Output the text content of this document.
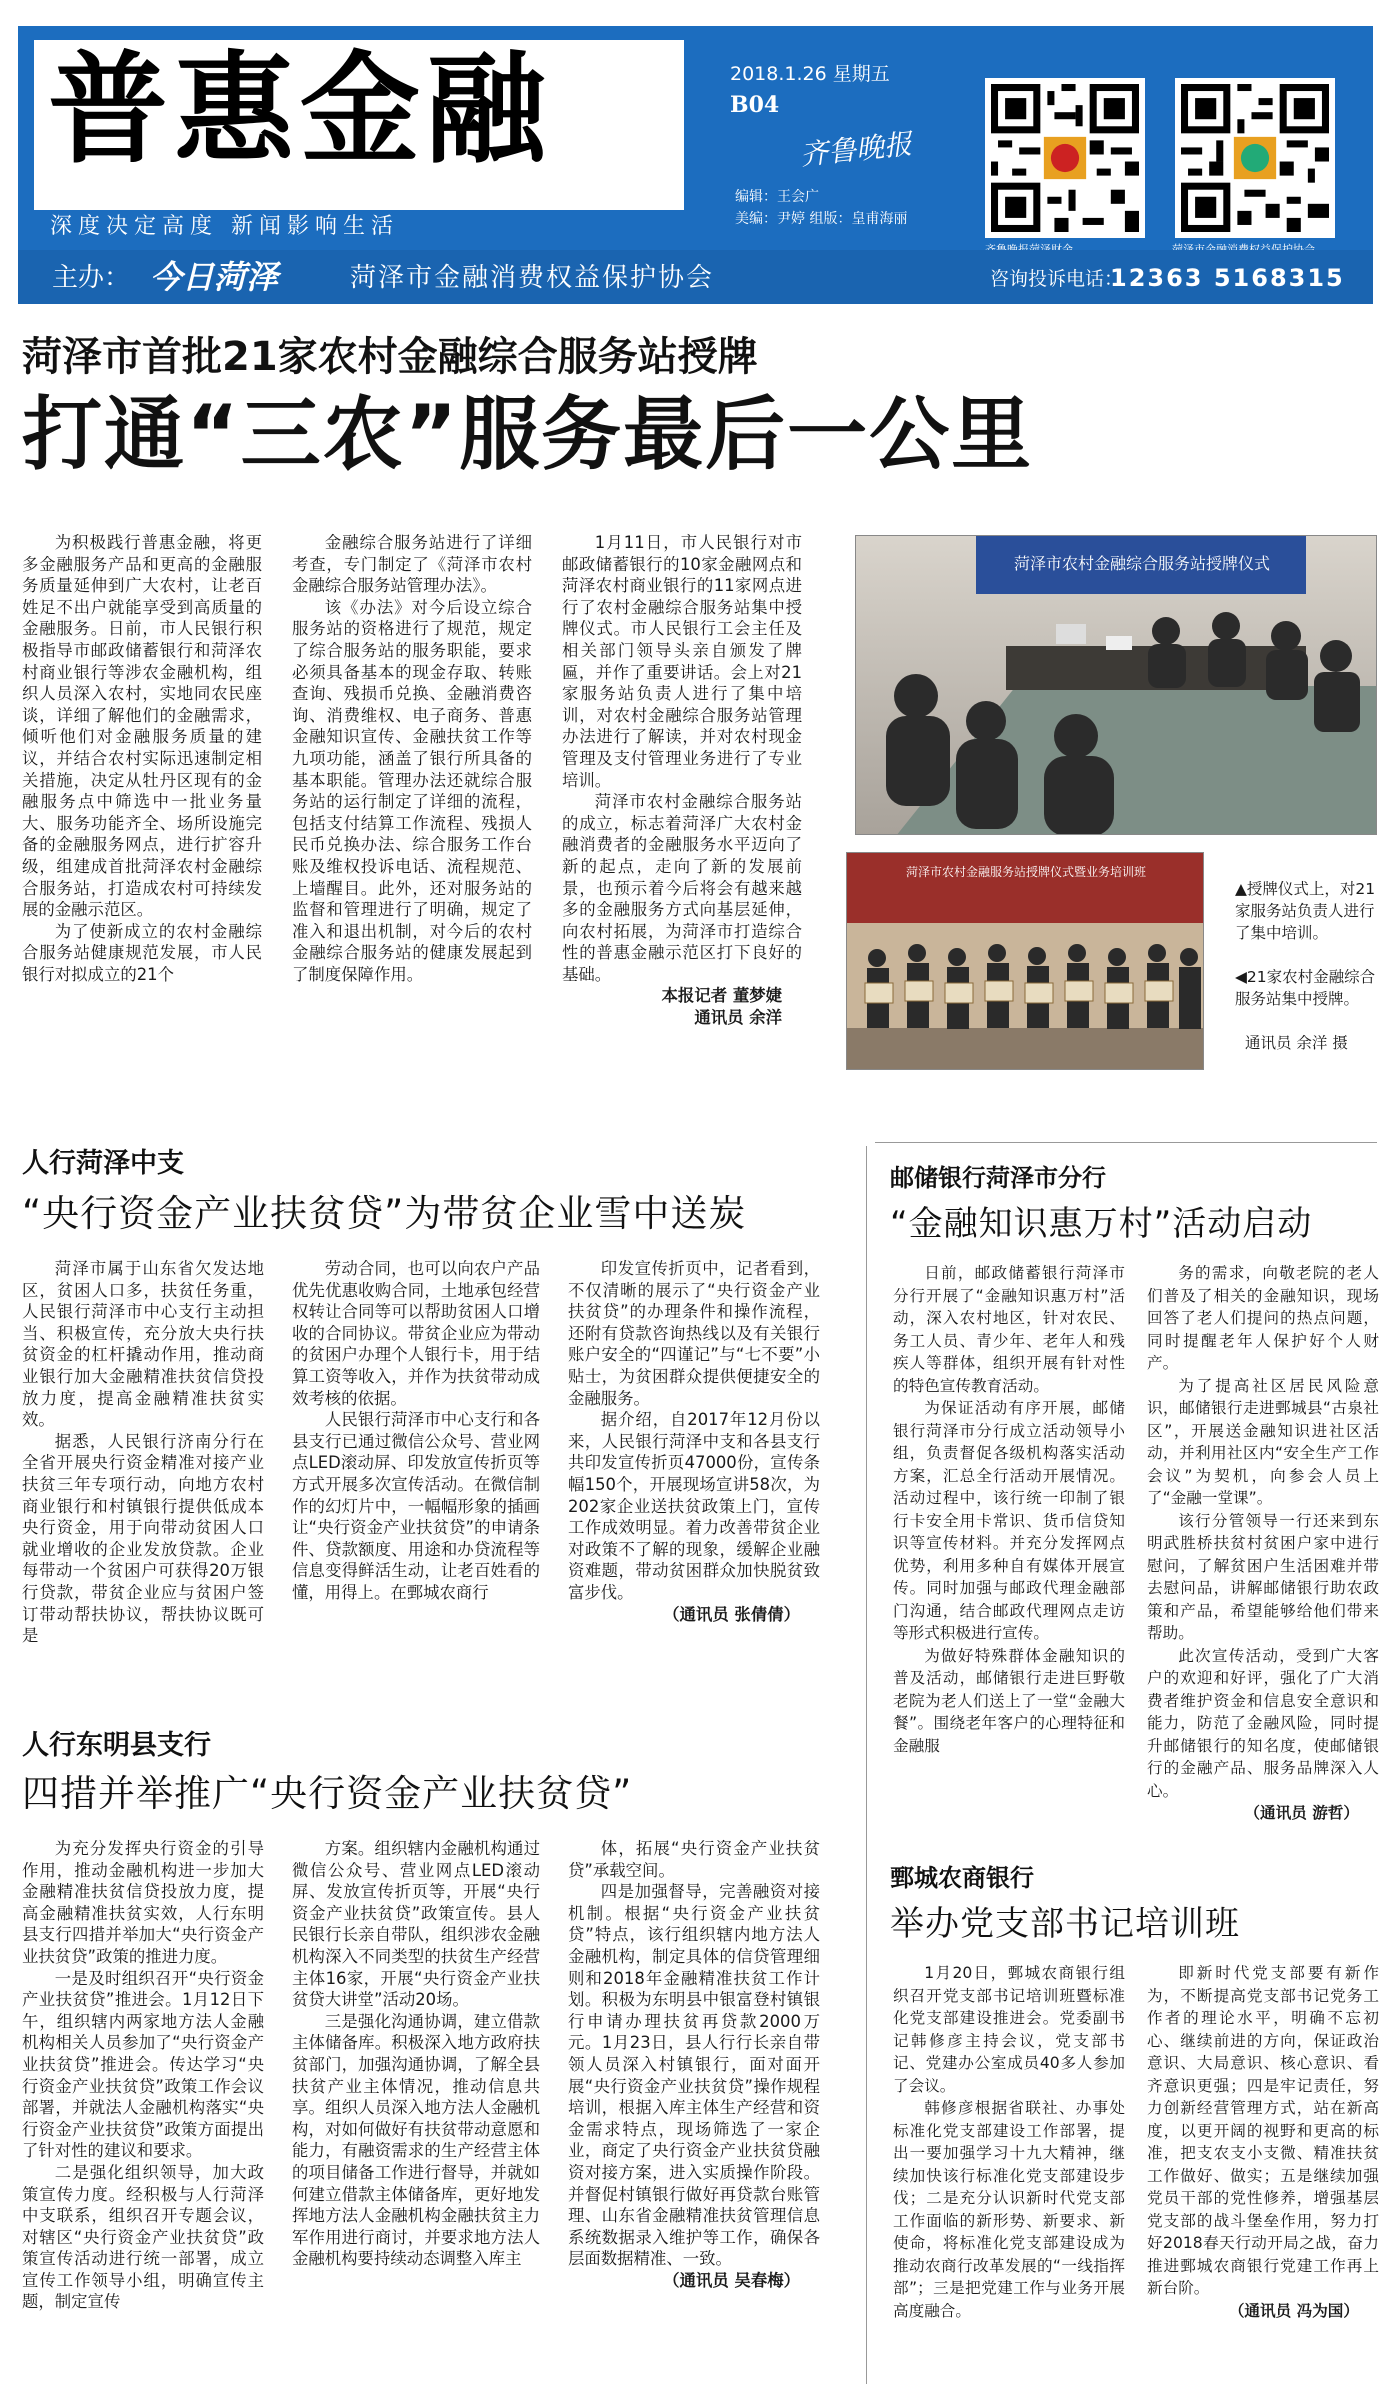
普惠金融
深度决定高度 新闻影响生活
2018.1.26 星期五
B04
齐鲁晚报
编辑：王会广
美编：尹婷 组版：皇甫海丽
主办： 今日菏泽	菏泽市金融消费权益保护协会	咨询投诉电话：
12363 5168315
菏泽市首批21家农村金融综合服务站授牌
打通“三农”服务最后一公里

为积极践行普惠金融，将更多金融服务产品和更高的金融服务质量延伸到广大农村，让老百姓足不出户就能享受到高质量的金融服务。日前，市人民银行积极指导市邮政储蓄银行和菏泽农村商业银行等涉农金融机构，组织人员深入农村，实地同农民座谈，详细了解他们的金融需求，倾听他们对金融服务质量的建议，并结合农村实际迅速制定相关措施，决定从牡丹区现有的金融服务点中筛选中一批业务量大、服务功能齐全、场所设施完备的金融服务网点，进行扩容升级，组建成首批菏泽农村金融综合服务站，打造成农村可持续发展的金融示范区。

为了使新成立的农村金融综合服务站健康规范发展，市人民银行对拟成立的21个

金融综合服务站进行了详细考查，专门制定了《菏泽市农村金融综合服务站管理办法》。

该《办法》对今后设立综合服务站的资格进行了规范，规定了综合服务站的服务职能，要求必须具备基本的现金存取、转账查询、残损币兑换、金融消费咨询、消费维权、电子商务、普惠金融知识宣传、金融扶贫工作等九项功能，涵盖了银行所具备的基本职能。管理办法还就综合服务站的运行制定了详细的流程，包括支付结算工作流程、残损人民币兑换办法、综合服务工作台账及维权投诉电话、流程规范、上墙醒目。此外，还对服务站的监督和管理进行了明确，规定了准入和退出机制，对今后的农村金融综合服务站的健康发展起到了制度保障作用。

1月11日，市人民银行对市邮政储蓄银行的10家金融网点和菏泽农村商业银行的11家网点进行了农村金融综合服务站集中授牌仪式。市人民银行工会主任及相关部门领导头亲自颁发了牌匾，并作了重要讲话。会上对21家服务站负责人进行了集中培训，对农村金融综合服务站管理办法进行了解读，并对农村现金管理及支付管理业务进行了专业培训。

菏泽市农村金融综合服务站的成立，标志着菏泽广大农村金融消费者的金融服务水平迈向了新的起点，走向了新的发展前景，也预示着今后将会有越来越多的金融服务方式向基层延伸，向农村拓展，为菏泽市打造综合性的普惠金融示范区打下良好的基础。

本报记者 董梦婕
通讯员 余洋
菏泽市农村金融综合服务站授牌仪式
菏泽市农村金融服务站授牌仪式暨业务培训班
▲授牌仪式上，对21家服务站负责人进行了集中培训。
◀21家农村金融综合服务站集中授牌。
通讯员 余洋 摄
人行菏泽中支
“央行资金产业扶贫贷”为带贫企业雪中送炭

菏泽市属于山东省欠发达地区，贫困人口多，扶贫任务重，人民银行菏泽市中心支行主动担当、积极宣传，充分放大央行扶贫资金的杠杆撬动作用，推动商业银行加大金融精准扶贫信贷投放力度，提高金融精准扶贫实效。

据悉，人民银行济南分行在全省开展央行资金精准对接产业扶贫三年专项行动，向地方农村商业银行和村镇银行提供低成本央行资金，用于向带动贫困人口就业增收的企业发放贷款。企业每带动一个贫困户可获得20万银行贷款，带贫企业应与贫困户签订带动帮扶协议，帮扶协议既可是

劳动合同，也可以向农户产品优先优惠收购合同，土地承包经营权转让合同等可以帮助贫困人口增收的合同协议。带贫企业应为带动的贫困户办理个人银行卡，用于结算工资等收入，并作为扶贫带动成效考核的依据。

人民银行菏泽市中心支行和各县支行已通过微信公众号、营业网点LED滚动屏、印发放宣传折页等方式开展多次宣传活动。在微信制作的幻灯片中，一幅幅形象的插画让“央行资金产业扶贫贷”的申请条件、贷款额度、用途和办贷流程等信息变得鲜活生动，让老百姓看的懂，用得上。在鄄城农商行

印发宣传折页中，记者看到，不仅清晰的展示了“央行资金产业扶贫贷”的办理条件和操作流程，还附有贷款咨询热线以及有关银行账户安全的“四谨记”与“七不要”小贴士，为贫困群众提供便捷安全的金融服务。

据介绍，自2017年12月份以来，人民银行菏泽中支和各县支行共印发宣传折页47000份，宣传条幅150个，开展现场宣讲58次，为202家企业送扶贫政策上门，宣传工作成效明显。着力改善带贫企业对政策不了解的现象，缓解企业融资难题，带动贫困群众加快脱贫致富步伐。

（通讯员 张倩倩）
人行东明县支行
四措并举推广“央行资金产业扶贫贷”

为充分发挥央行资金的引导作用，推动金融机构进一步加大金融精准扶贫信贷投放力度，提高金融精准扶贫实效，人行东明县支行四措并举加大“央行资金产业扶贫贷”政策的推进力度。

一是及时组织召开“央行资金产业扶贫贷”推进会。1月12日下午，组织辖内两家地方法人金融机构相关人员参加了“央行资金产业扶贫贷”推进会。传达学习“央行资金产业扶贫贷”政策工作会议部署，并就法人金融机构落实“央行资金产业扶贫贷”政策方面提出了针对性的建议和要求。

二是强化组织领导，加大政策宣传力度。经积极与人行菏泽中支联系，组织召开专题会议，对辖区“央行资金产业扶贫贷”政策宣传活动进行统一部署，成立宣传工作领导小组，明确宣传主题，制定宣传

方案。组织辖内金融机构通过微信公众号、营业网点LED滚动屏、发放宣传折页等，开展“央行资金产业扶贫贷”政策宣传。县人民银行长亲自带队，组织涉农金融机构深入不同类型的扶贫生产经营主体16家，开展“央行资金产业扶贫贷大讲堂”活动20场。

三是强化沟通协调，建立借款主体储备库。积极深入地方政府扶贫部门，加强沟通协调，了解全县扶贫产业主体情况，推动信息共享。组织人员深入地方法人金融机构，对如何做好有扶贫带动意愿和能力，有融资需求的生产经营主体的项目储备工作进行督导，并就如何建立借款主体储备库，更好地发挥地方法人金融机构金融扶贫主力军作用进行商讨，并要求地方法人金融机构要持续动态调整入库主

体，拓展“央行资金产业扶贫贷”承载空间。

四是加强督导，完善融资对接机制。根据“央行资金产业扶贫贷”特点，该行组织辖内地方法人金融机构，制定具体的信贷管理细则和2018年金融精准扶贫工作计划。积极为东明县中银富登村镇银行申请办理扶贫再贷款2000万元。1月23日，县人行行长亲自带领人员深入村镇银行，面对面开展“央行资金产业扶贫贷”操作规程培训，根据入库主体生产经营和资金需求特点，现场筛选了一家企业，商定了央行资金产业扶贫贷融资对接方案，进入实质操作阶段。并督促村镇银行做好再贷款台账管理、山东省金融精准扶贫管理信息系统数据录入维护等工作，确保各层面数据精准、一致。

（通讯员 吴春梅）
邮储银行菏泽市分行
“金融知识惠万村”活动启动

日前，邮政储蓄银行菏泽市分行开展了“金融知识惠万村”活动，深入农村地区，针对农民、务工人员、青少年、老年人和残疾人等群体，组织开展有针对性的特色宣传教育活动。

为保证活动有序开展，邮储银行菏泽市分行成立活动领导小组，负责督促各级机构落实活动方案，汇总全行活动开展情况。活动过程中，该行统一印制了银行卡安全用卡常识、货币信贷知识等宣传材料。并充分发挥网点优势，利用多种自有媒体开展宣传。同时加强与邮政代理金融部门沟通，结合邮政代理网点走访等形式积极进行宣传。

为做好特殊群体金融知识的普及活动，邮储银行走进巨野敬老院为老人们送上了一堂“金融大餐”。围绕老年客户的心理特征和金融服

务的需求，向敬老院的老人们普及了相关的金融知识，现场回答了老人们提问的热点问题，同时提醒老年人保护好个人财产。

为了提高社区居民风险意识，邮储银行走进鄄城县“古泉社区”，开展送金融知识进社区活动，并利用社区内“安全生产工作会议”为契机，向参会人员上了“金融一堂课”。

该行分管领导一行还来到东明武胜桥扶贫村贫困户家中进行慰问，了解贫困户生活困难并带去慰问品，讲解邮储银行助农政策和产品，希望能够给他们带来帮助。

此次宣传活动，受到广大客户的欢迎和好评，强化了广大消费者维护资金和信息安全意识和能力，防范了金融风险，同时提升邮储银行的知名度，使邮储银行的金融产品、服务品牌深入人心。

（通讯员 游哲）
鄄城农商银行
举办党支部书记培训班

1月20日，鄄城农商银行组织召开党支部书记培训班暨标准化党支部建设推进会。党委副书记韩修彦主持会议，党支部书记、党建办公室成员40多人参加了会议。

韩修彦根据省联社、办事处标准化党支部建设工作部署，提出一要加强学习十九大精神，继续加快该行标准化党支部建设步伐；二是充分认识新时代党支部工作面临的新形势、新要求、新使命，将标准化党支部建设成为推动农商行改革发展的“一线指挥部”；三是把党建工作与业务开展高度融合。

即新时代党支部要有新作为，不断提高党支部书记党务工作者的理论水平，明确不忘初心、继续前进的方向，保证政治意识、大局意识、核心意识、看齐意识更强；四是牢记责任，努力创新经营管理方式，站在新高度，以更开阔的视野和更高的标准，把支农支小支微、精准扶贫工作做好、做实；五是继续加强党员干部的党性修养，增强基层党支部的战斗堡垒作用，努力打好2018春天行动开局之战，奋力推进鄄城农商银行党建工作再上新台阶。

（通讯员 冯为国）
